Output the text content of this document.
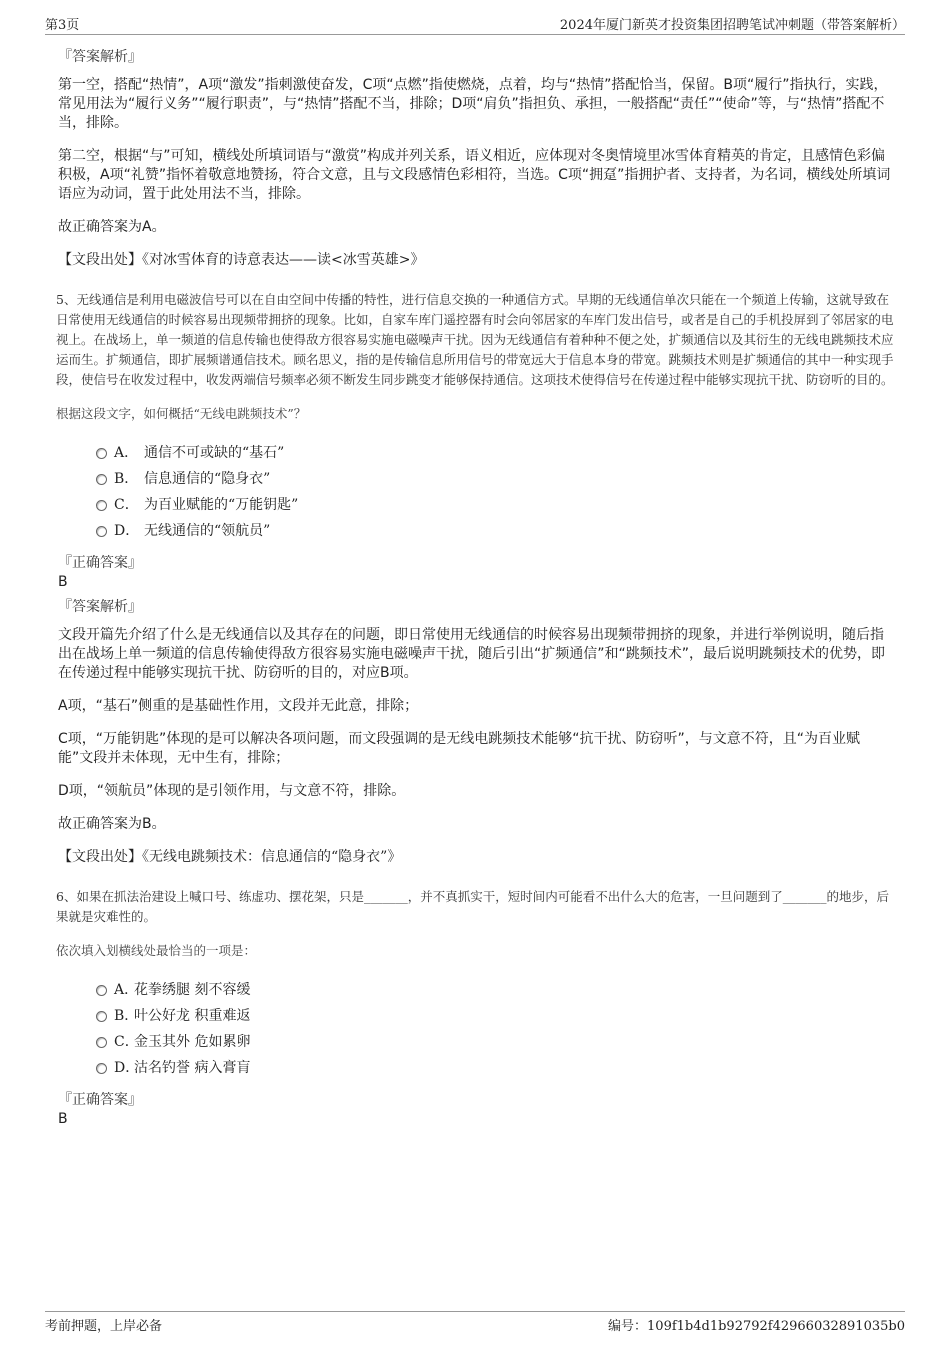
第3页	2024年厦门新英才投资集团招聘笔试冲刺题（带答案解析）
『答案解析』

第一空，搭配“热情”，A项“激发”指刺激使奋发，C项“点燃”指使燃烧，点着，均与“热情”搭配恰当，保留。B项“履行”指执行，实践，常见用法为“履行义务”“履行职责”，与“热情”搭配不当，排除；D项“肩负”指担负、承担，一般搭配“责任”“使命”等，与“热情”搭配不当，排除。

第二空，根据“与”可知，横线处所填词语与“激赏”构成并列关系，语义相近，应体现对冬奥情境里冰雪体育精英的肯定，且感情色彩偏积极，A项“礼赞”指怀着敬意地赞扬，符合文意，且与文段感情色彩相符，当选。C项“拥趸”指拥护者、支持者，为名词，横线处所填词语应为动词，置于此处用法不当，排除。

故正确答案为A。

【文段出处】《对冰雪体育的诗意表达——读<冰雪英雄>》
5、无线通信是利用电磁波信号可以在自由空间中传播的特性，进行信息交换的一种通信方式。早期的无线通信单次只能在一个频道上传输，这就导致在日常使用无线通信的时候容易出现频带拥挤的现象。比如，自家车库门遥控器有时会向邻居家的车库门发出信号，或者是自己的手机投屏到了邻居家的电视上。在战场上，单一频道的信息传输也使得敌方很容易实施电磁噪声干扰。因为无线通信有着种种不便之处，扩频通信以及其衍生的无线电跳频技术应运而生。扩频通信，即扩展频谱通信技术。顾名思义，指的是传输信息所用信号的带宽远大于信息本身的带宽。跳频技术则是扩频通信的其中一种实现手段，使信号在收发过程中，收发两端信号频率必须不断发生同步跳变才能够保持通信。这项技术使得信号在传递过程中能够实现抗干扰、防窃听的目的。
根据这段文字，如何概括“无线电跳频技术”？
A． 通信不可或缺的“基石”
B． 信息通信的“隐身衣”
C． 为百业赋能的“万能钥匙”
D． 无线通信的“领航员”
『正确答案』
B
『答案解析』

文段开篇先介绍了什么是无线通信以及其存在的问题，即日常使用无线通信的时候容易出现频带拥挤的现象，并进行举例说明，随后指出在战场上单一频道的信息传输使得敌方很容易实施电磁噪声干扰，随后引出“扩频通信”和“跳频技术”，最后说明跳频技术的优势，即在传递过程中能够实现抗干扰、防窃听的目的，对应B项。

A项，“基石”侧重的是基础性作用，文段并无此意，排除；

C项，“万能钥匙”体现的是可以解决各项问题，而文段强调的是无线电跳频技术能够“抗干扰、防窃听”，与文意不符，且“为百业赋能”文段并未体现，无中生有，排除；

D项，“领航员”体现的是引领作用，与文意不符，排除。

故正确答案为B。

【文段出处】《无线电跳频技术：信息通信的“隐身衣”》
6、如果在抓法治建设上喊口号、练虚功、摆花架，只是_______，并不真抓实干，短时间内可能看不出什么大的危害，一旦问题到了_______的地步，后果就是灾难性的。
依次填入划横线处最恰当的一项是：
A．花拳绣腿 刻不容缓
B．叶公好龙 积重难返
C．金玉其外 危如累卵
D．沽名钓誉 病入膏肓
『正确答案』
B
考前押题，上岸必备	编号：109f1b4d1b92792f42966032891035b0
